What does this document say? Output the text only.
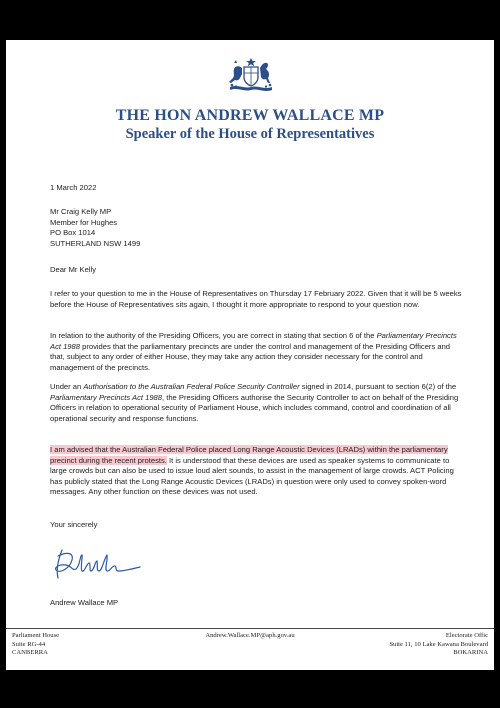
THE HON ANDREW WALLACE MP
Speaker of the House of Representatives
1 March 2022
Mr Craig Kelly MP
Member for Hughes
PO Box 1014
SUTHERLAND NSW 1499
Dear Mr Kelly
I refer to your question to me in the House of Representatives on Thursday 17 February 2022. Given that it will be 5 weeks before the House of Representatives sits again, I thought it more appropriate to respond to your question now.
In relation to the authority of the Presiding Officers, you are correct in stating that section 6 of the Parliamentary Precincts Act 1988 provides that the parliamentary precincts are under the control and management of the Presiding Officers and that, subject to any order of either House, they may take any action they consider necessary for the control and management of the precincts.
Under an Authorisation to the Australian Federal Police Security Controller signed in 2014, pursuant to section 6(2) of the Parliamentary Precincts Act 1988, the Presiding Officers authorise the Security Controller to act on behalf of the Presiding Officers in relation to operational security of Parliament House, which includes command, control and coordination of all operational security and response functions.
I am advised that the Australian Federal Police placed Long Range Acoustic Devices (LRADs) within the parliamentary precinct during the recent protests. It is understood that these devices are used as speaker systems to communicate to large crowds but can also be used to issue loud alert sounds, to assist in the management of large crowds. ACT Policing has publicly stated that the Long Range Acoustic Devices (LRADs) in question were only used to convey spoken-word messages. Any other function on these devices was not used.
Your sincerely
Andrew Wallace MP
Parliament House
Suite RG-44
CANBERRA
Andrew.Wallace.MP@aph.gov.au	Electorate Offic
Suite 11, 10 Lake Kawana Boulevard
BOKARINA
